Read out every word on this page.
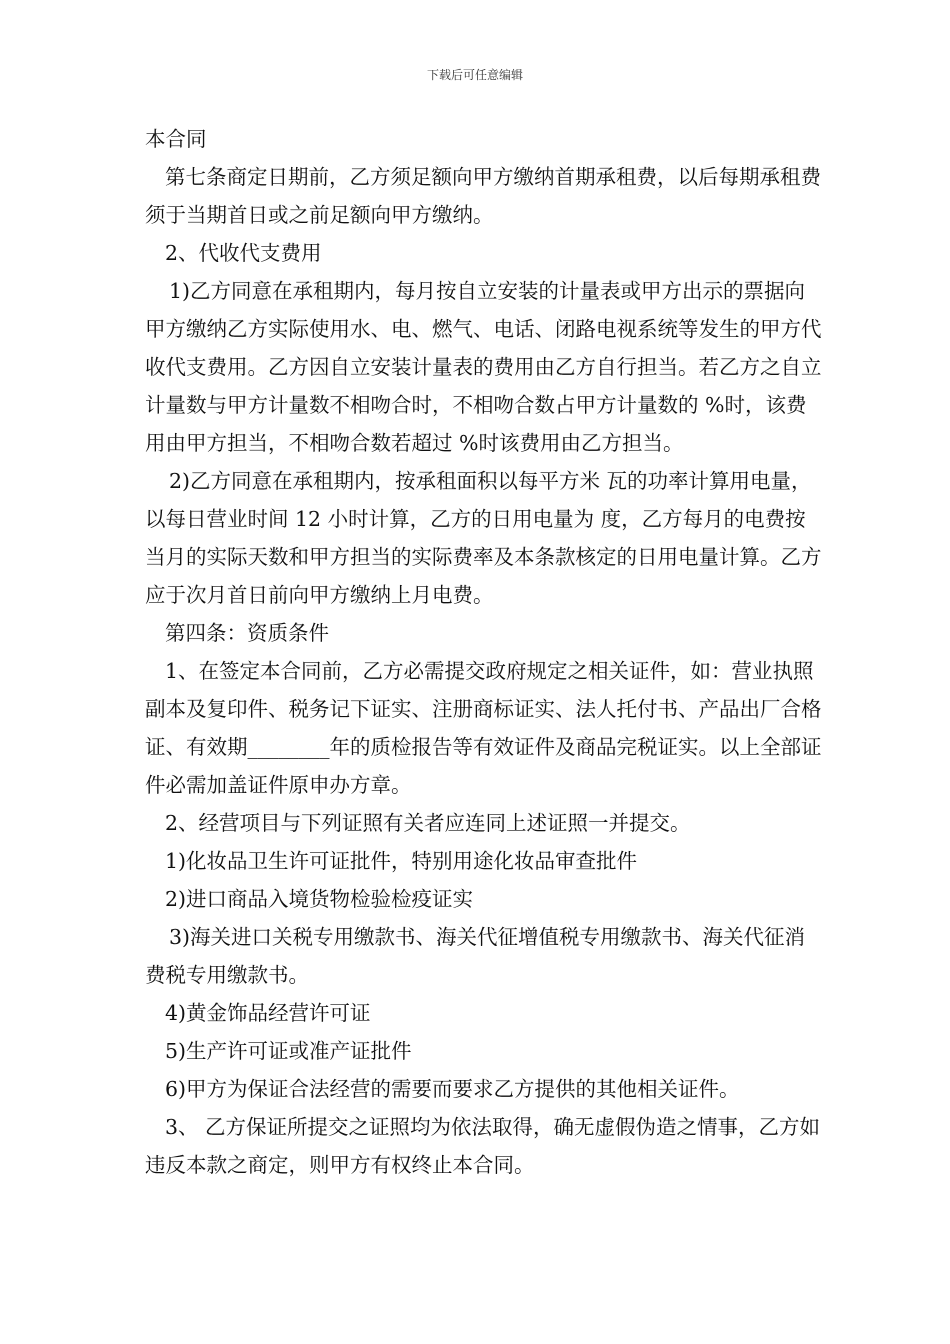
下载后可任意编辑

本合同

第七条商定日期前，乙方须足额向甲方缴纳首期承租费，以后每期承租费须于当期首日或之前足额向甲方缴纳。

2、代收代支费用

1)乙方同意在承租期内，每月按自立安装的计量表或甲方出示的票据向甲方缴纳乙方实际使用水、电、燃气、电话、闭路电视系统等发生的甲方代收代支费用。乙方因自立安装计量表的费用由乙方自行担当。若乙方之自立计量数与甲方计量数不相吻合时，不相吻合数占甲方计量数的 %时，该费用由甲方担当，不相吻合数若超过 %时该费用由乙方担当。

2)乙方同意在承租期内，按承租面积以每平方米 瓦的功率计算用电量，以每日营业时间 12 小时计算，乙方的日用电量为 度，乙方每月的电费按当月的实际天数和甲方担当的实际费率及本条款核定的日用电量计算。乙方应于次月首日前向甲方缴纳上月电费。

第四条：资质条件

1、在签定本合同前，乙方必需提交政府规定之相关证件，如：营业执照副本及复印件、税务记下证实、注册商标证实、法人托付书、产品出厂合格证、有效期________年的质检报告等有效证件及商品完税证实。以上全部证件必需加盖证件原申办方章。

2、经营项目与下列证照有关者应连同上述证照一并提交。

1)化妆品卫生许可证批件，特别用途化妆品审查批件

2)进口商品入境货物检验检疫证实

3)海关进口关税专用缴款书、海关代征增值税专用缴款书、海关代征消费税专用缴款书。

4)黄金饰品经营许可证

5)生产许可证或准产证批件

6)甲方为保证合法经营的需要而要求乙方提供的其他相关证件。

3、 乙方保证所提交之证照均为依法取得，确无虚假伪造之情事，乙方如违反本款之商定，则甲方有权终止本合同。
